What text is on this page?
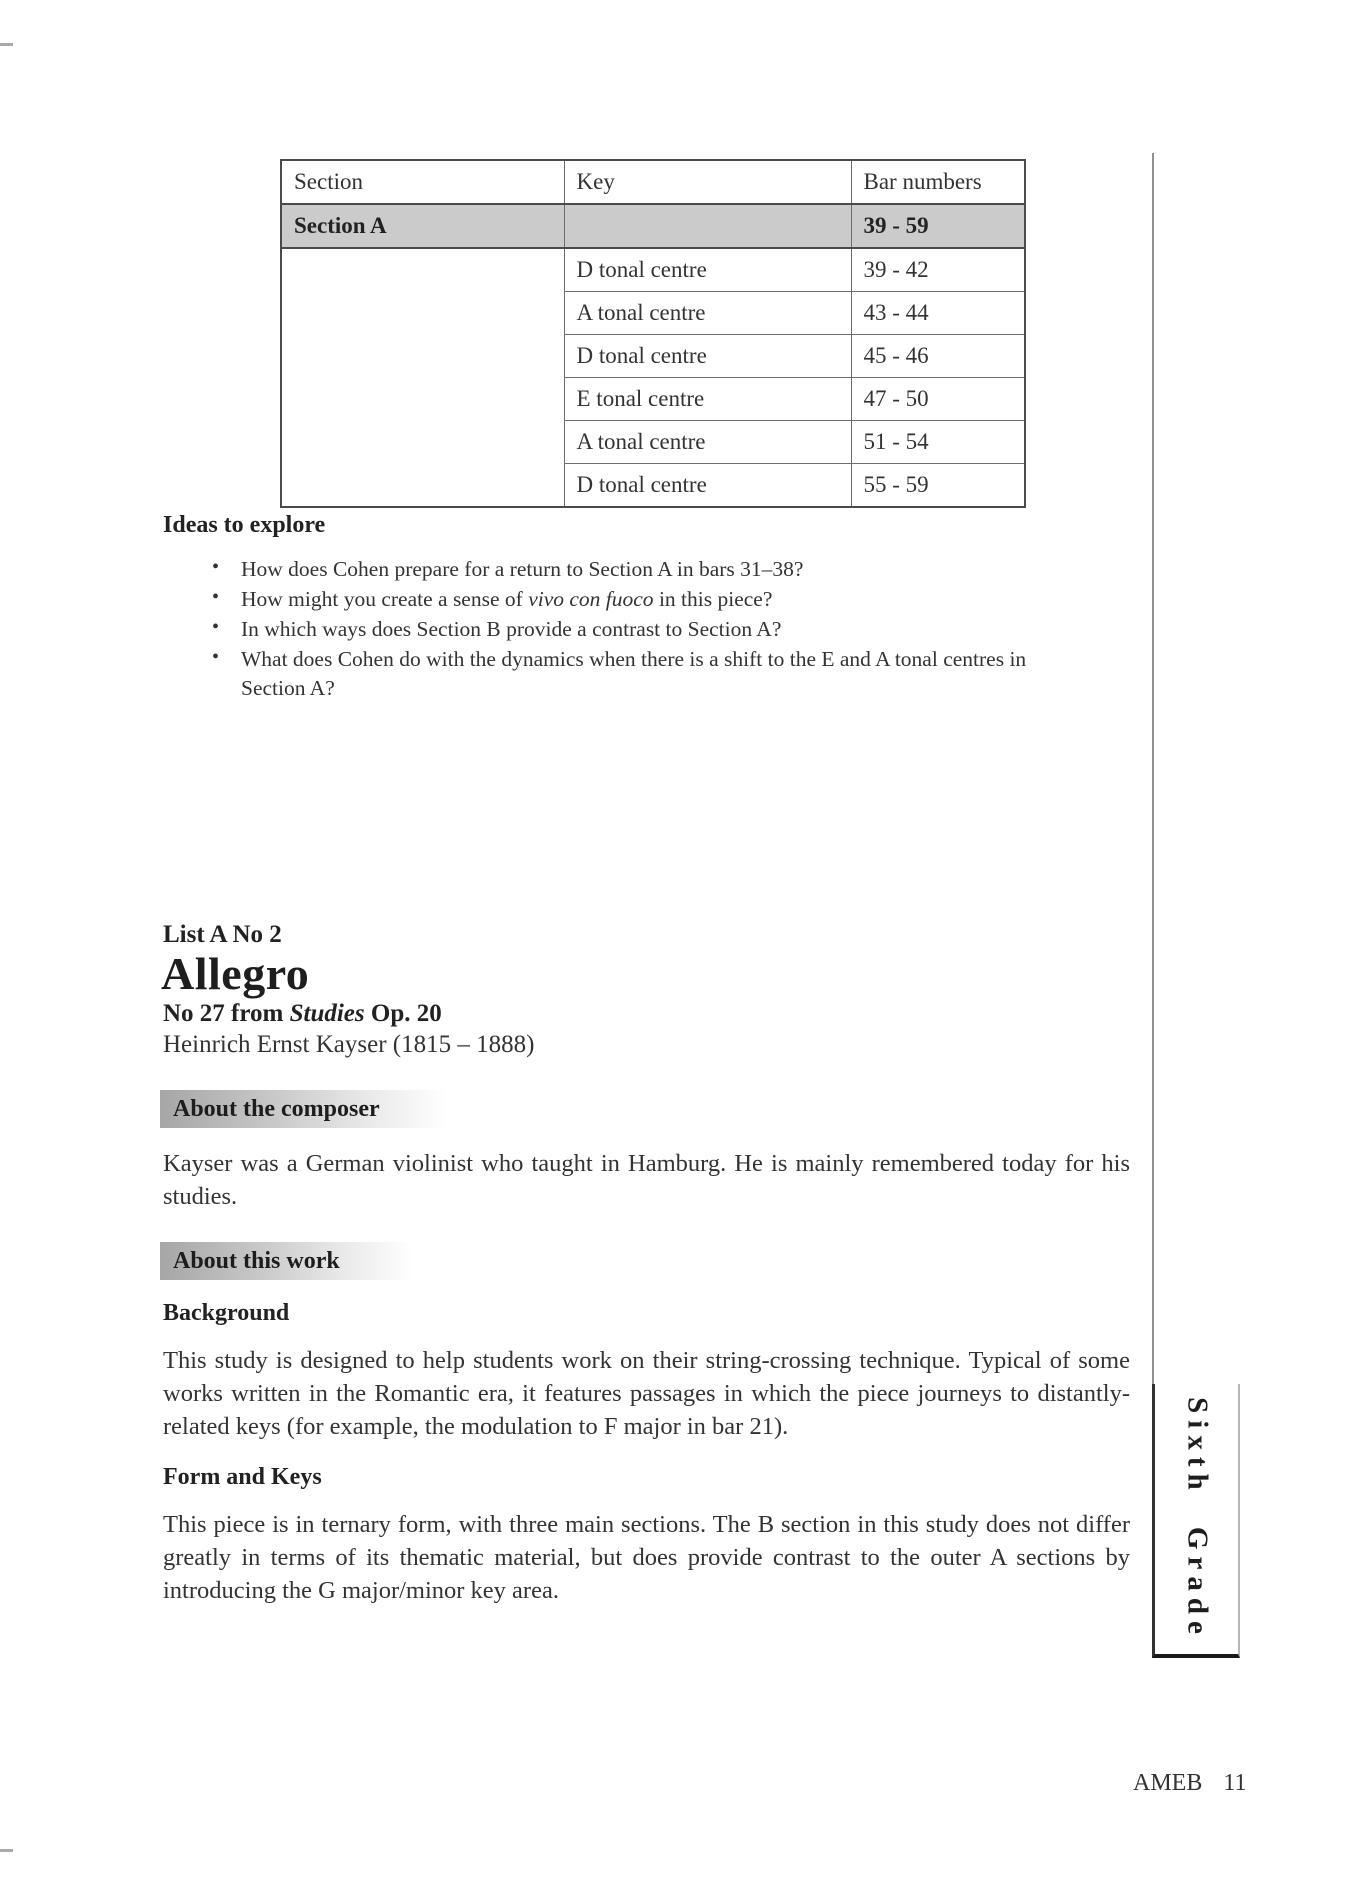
Section	Key	Bar numbers
Section A		39 - 59
	D tonal centre	39 - 42
	A tonal centre	43 - 44
	D tonal centre	45 - 46
	E tonal centre	47 - 50
	A tonal centre	51 - 54
	D tonal centre	55 - 59
Ideas to explore
• How does Cohen prepare for a return to Section A in bars 31–38?
• How might you create a sense of vivo con fuoco in this piece?
• In which ways does Section B provide a contrast to Section A?
• What does Cohen do with the dynamics when there is a shift to the E and A tonal centres in Section A?
List A No 2
Allegro
No 27 from Studies Op. 20
Heinrich Ernst Kayser (1815 – 1888)
About the composer

Kayser was a German violinist who taught in Hamburg. He is mainly remembered today for his studies.

About this work
Background

This study is designed to help students work on their string-crossing technique. Typical of some works written in the Romantic era, it features passages in which the piece journeys to distantly-related keys (for example, the modulation to F major in bar 21).

Form and Keys

This piece is in ternary form, with three main sections. The B section in this study does not differ greatly in terms of its thematic material, but does provide contrast to the outer A sections by introducing the G major/minor key area.	Sixth Grade
AMEB 11
